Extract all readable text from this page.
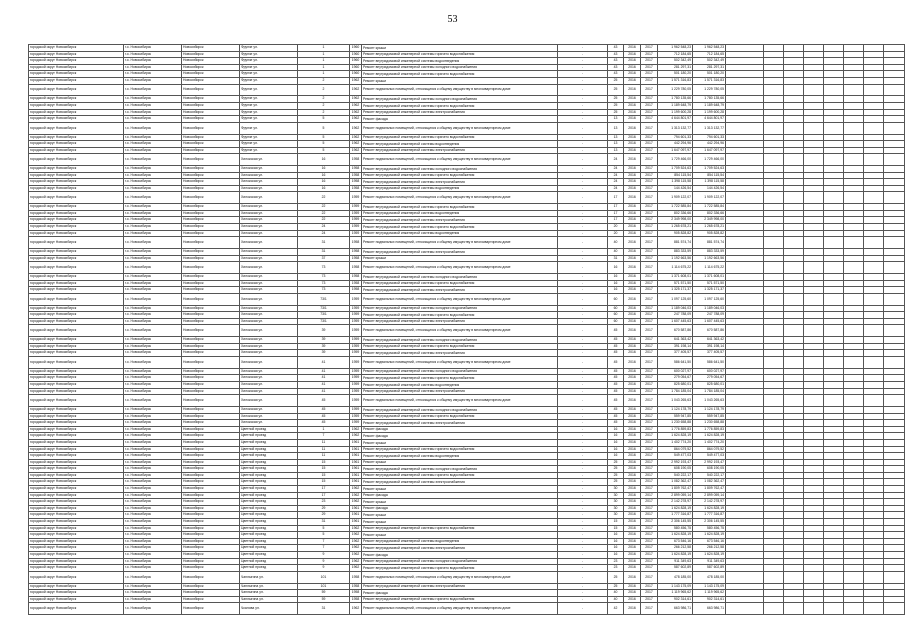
53
городской округ Новосибирск	г.о. Новосибирск	Новосибирск	Фрунзе ул.	1	1960	Ремонт крыши	-	43	2016	2017	1 962 548,23	1 962 548,23									
городской округ Новосибирск	г.о. Новосибирск	Новосибирск	Фрунзе ул.	1	1960	Ремонт внутридомовой инженерной системы горячего водоснабжения	-	43	2016	2017	712 184,65	712 184,65									
городской округ Новосибирск	г.о. Новосибирск	Новосибирск	Фрунзе ул.	1	1960	Ремонт внутридомовой инженерной системы водоотведения	-	43	2016	2017	502 342,49	502 342,49									
городской округ Новосибирск	г.о. Новосибирск	Новосибирск	Фрунзе ул.	1	1960	Ремонт внутридомовой инженерной системы холодного водоснабжения	-	43	2016	2017	281 297,31	281 297,31									
городской округ Новосибирск	г.о. Новосибирск	Новосибирск	Фрунзе ул.	1	1960	Ремонт внутридомовой инженерной системы горячего водоснабжения	-	43	2016	2017	501 180,20	501 180,20									
городской округ Новосибирск	г.о. Новосибирск	Новосибирск	Фрунзе ул.	2	1962	Ремонт крыши	-	25	2016	2017	1 571 316,83	1 571 316,83									
городской округ Новосибирск	г.о. Новосибирск	Новосибирск	Фрунзе ул.	2	1962	Ремонт подвальных помещений, относящихся к общему имуществу в многоквартирном доме	-	25	2016	2017	1 229 780,05	1 229 780,05									
городской округ Новосибирск	г.о. Новосибирск	Новосибирск	Фрунзе ул.	2	1962	Ремонт внутридомовой инженерной системы холодного водоснабжения	-	25	2016	2017	1 780 135,66	1 780 135,66									
городской округ Новосибирск	г.о. Новосибирск	Новосибирск	Фрунзе ул.	2	1962	Ремонт внутридомовой инженерной системы горячего водоснабжения	-	25	2016	2017	1 189 648,79	1 189 648,79									
городской округ Новосибирск	г.о. Новосибирск	Новосибирск	Фрунзе ул.	2	1962	Ремонт внутридомовой инженерной системы электроснабжения	-	25	2016	2017	1 199 600,28	1 199 600,28									
городской округ Новосибирск	г.о. Новосибирск	Новосибирск	Фрунзе ул.	5	1962	Ремонт фасада	-	13	2016	2017	4 644 801,97	4 644 801,97									
городской округ Новосибирск	г.о. Новосибирск	Новосибирск	Фрунзе ул.	5	1962	Ремонт подвальных помещений, относящихся к общему имуществу в многоквартирном доме	-	13	2016	2017	1 313 132,77	1 313 132,77									
городской округ Новосибирск	г.о. Новосибирск	Новосибирск	Фрунзе ул.	5	1962	Ремонт внутридомовой инженерной системы горячего водоснабжения	-	13	2016	2017	794 601,33	794 601,33									
городской округ Новосибирск	г.о. Новосибирск	Новосибирск	Фрунзе ул.	5	1962	Ремонт внутридомовой инженерной системы водоотведения	-	13	2016	2017	442 294,96	442 294,96									
городской округ Новосибирск	г.о. Новосибирск	Новосибирск	Фрунзе ул.	5	1962	Ремонт внутридомовой инженерной системы электроснабжения	-	13	2016	2017	1 647 097,97	1 647 097,97									
городской округ Новосибирск	г.о. Новосибирск	Новосибирск	Хилокская ул.	16	1958	Ремонт подвальных помещений, относящихся к общему имуществу в многоквартирном доме	-	24	2016	2017	1 729 466,00	1 729 466,00									
городской округ Новосибирск	г.о. Новосибирск	Новосибирск	Хилокская ул.	16	1958	Ремонт внутридомовой инженерной системы холодного водоснабжения	-	24	2016	2017	1 709 524,63	1 709 524,63									
городской округ Новосибирск	г.о. Новосибирск	Новосибирск	Хилокская ул.	16	1958	Ремонт внутридомовой инженерной системы горячего водоснабжения	-	24	2016	2017	854 115,54	854 115,54									
городской округ Новосибирск	г.о. Новосибирск	Новосибирск	Хилокская ул.	16	1958	Ремонт внутридомовой инженерной системы электроснабжения	-	24	2016	2017	1 398 115,58	1 398 115,58									
городской округ Новосибирск	г.о. Новосибирск	Новосибирск	Хилокская ул.	16	1958	Ремонт внутридомовой инженерной системы водоотведения	-	24	2016	2017	144 426,54	144 426,54									
городской округ Новосибирск	г.о. Новосибирск	Новосибирск	Хилокская ул.	22	1959	Ремонт подвальных помещений, относящихся к общему имуществу в многоквартирном доме	-	17	2016	2017	1 909 122,07	1 909 122,07									
городской округ Новосибирск	г.о. Новосибирск	Новосибирск	Хилокская ул.	22	1959	Ремонт внутридомовой инженерной системы горячего водоснабжения	-	17	2016	2017	1 722 585,84	1 722 585,84									
городской округ Новосибирск	г.о. Новосибирск	Новосибирск	Хилокская ул.	22	1959	Ремонт внутридомовой инженерной системы водоотведения	-	17	2016	2017	802 336,66	802 336,66									
городской округ Новосибирск	г.о. Новосибирск	Новосибирск	Хилокская ул.	22	1959	Ремонт внутридомовой инженерной системы электроснабжения	-	17	2016	2017	2 349 998,00	2 349 998,00									
городской округ Новосибирск	г.о. Новосибирск	Новосибирск	Хилокская ул.	24	1959	Ремонт внутридомовой инженерной системы горячего водоснабжения	-	20	2016	2017	1 265 678,21	1 265 678,21									
городской округ Новосибирск	г.о. Новосибирск	Новосибирск	Хилокская ул.	24	1959	Ремонт внутридомовой инженерной системы водоотведения	-	20	2016	2017	905 828,82	905 828,82									
городской округ Новосибирск	г.о. Новосибирск	Новосибирск	Хилокская ул.	31	1958	Ремонт подвальных помещений, относящихся к общему имуществу в многоквартирном доме	-	40	2016	2017	881 574,74	881 574,74									
городской округ Новосибирск	г.о. Новосибирск	Новосибирск	Хилокская ул.	31	1958	Ремонт внутридомовой инженерной системы электроснабжения	-	40	2016	2017	883 333,59	883 333,59									
городской округ Новосибирск	г.о. Новосибирск	Новосибирск	Хилокская ул.	37	1958	Ремонт крыши	-	31	2016	2017	1 192 663,56	1 192 663,56									
городской округ Новосибирск	г.о. Новосибирск	Новосибирск	Хилокская ул.	73	1958	Ремонт подвальных помещений, относящихся к общему имуществу в многоквартирном доме	-	16	2016	2017	1 114 675,22	1 114 675,22									
городской округ Новосибирск	г.о. Новосибирск	Новосибирск	Хилокская ул.	73	1958	Ремонт внутридомовой инженерной системы холодного водоснабжения	-	16	2016	2017	1 371 608,01	1 371 608,01									
городской округ Новосибирск	г.о. Новосибирск	Новосибирск	Хилокская ул.	73	1958	Ремонт внутридомовой инженерной системы горячего водоснабжения	-	16	2016	2017	571 571,50	571 571,50									
городской округ Новосибирск	г.о. Новосибирск	Новосибирск	Хилокская ул.	73	1958	Ремонт внутридомовой инженерной системы электроснабжения	-	16	2016	2017	1 325 171,37	1 325 171,37									
городской округ Новосибирск	г.о. Новосибирск	Новосибирск	Хилокская ул.	73/1	1959	Ремонт подвальных помещений, относящихся к общему имуществу в многоквартирном доме	-	60	2016	2017	1 097 125,60	1 097 125,60									
городской округ Новосибирск	г.о. Новосибирск	Новосибирск	Хилокская ул.	73/1	1959	Ремонт внутридомовой инженерной системы холодного водоснабжения	-	60	2016	2017	1 189 046,03	1 189 046,03									
городской округ Новосибирск	г.о. Новосибирск	Новосибирск	Хилокская ул.	73/1	1959	Ремонт внутридомовой инженерной системы горячего водоснабжения	-	60	2016	2017	247 788,09	247 788,09									
городской округ Новосибирск	г.о. Новосибирск	Новосибирск	Хилокская ул.	73/1	1959	Ремонт внутридомовой инженерной системы электроснабжения	-	60	2016	2017	1 607 445,63	1 607 445,63									
городской округ Новосибирск	г.о. Новосибирск	Новосибирск	Хилокская ул.	39	1959	Ремонт подвальных помещений, относящихся к общему имуществу в многоквартирном доме	-	45	2016	2017	670 587,86	670 587,86									
городской округ Новосибирск	г.о. Новосибирск	Новосибирск	Хилокская ул.	39	1959	Ремонт внутридомовой инженерной системы холодного водоснабжения	-	45	2016	2017	641 363,42	641 363,42									
городской округ Новосибирск	г.о. Новосибирск	Новосибирск	Хилокская ул.	39	1959	Ремонт внутридомовой инженерной системы горячего водоснабжения	-	45	2016	2017	391 198,14	391 198,14									
городской округ Новосибирск	г.о. Новосибирск	Новосибирск	Хилокская ул.	39	1959	Ремонт внутридомовой инженерной системы электроснабжения	-	45	2016	2017	377 405,57	377 405,57									
городской округ Новосибирск	г.о. Новосибирск	Новосибирск	Хилокская ул.	41	1959	Ремонт подвальных помещений, относящихся к общему имуществу в многоквартирном доме	-	45	2016	2017	586 641,50	586 641,50									
городской округ Новосибирск	г.о. Новосибирск	Новосибирск	Хилокская ул.	41	1959	Ремонт внутридомовой инженерной системы холодного водоснабжения	-	45	2016	2017	600 027,97	600 027,97									
городской округ Новосибирск	г.о. Новосибирск	Новосибирск	Хилокская ул.	41	1959	Ремонт внутридомовой инженерной системы горячего водоснабжения	-	45	2016	2017	279 054,67	279 054,67									
городской округ Новосибирск	г.о. Новосибирск	Новосибирск	Хилокская ул.	41	1959	Ремонт внутридомовой инженерной системы водоотведения	-	45	2016	2017	825 680,01	825 680,01									
городской округ Новосибирск	г.о. Новосибирск	Новосибирск	Хилокская ул.	41	1959	Ремонт внутридомовой инженерной системы электроснабжения	-	45	2016	2017	1 784 185,04	1 784 185,04									
городской округ Новосибирск	г.о. Новосибирск	Новосибирск	Хилокская ул.	45	1959	Ремонт подвальных помещений, относящихся к общему имуществу в многоквартирном доме	-	45	2016	2017	1 043 265,63	1 043 265,63									
городской округ Новосибирск	г.о. Новосибирск	Новосибирск	Хилокская ул.	45	1959	Ремонт внутридомовой инженерной системы холодного водоснабжения	-	45	2016	2017	1 124 178,79	1 124 178,79									
городской округ Новосибирск	г.о. Новосибирск	Новосибирск	Хилокская ул.	45	1959	Ремонт внутридомовой инженерной системы горячего водоснабжения	-	45	2016	2017	559 947,85	559 947,85									
городской округ Новосибирск	г.о. Новосибирск	Новосибирск	Хилокская ул.	45	1959	Ремонт внутридомовой инженерной системы электроснабжения	-	45	2016	2017	1 230 658,88	1 230 658,88									
городской округ Новосибирск	г.о. Новосибирск	Новосибирск	Цветной проезд	1	1962	Ремонт фасада	-	16	2016	2017	1 776 859,83	1 776 859,83									
городской округ Новосибирск	г.о. Новосибирск	Новосибирск	Цветной проезд	7	1962	Ремонт фасада	-	16	2016	2017	1 624 828,19	1 624 828,19									
городской округ Новосибирск	г.о. Новосибирск	Новосибирск	Цветной проезд	11	1961	Ремонт крыши	-	16	2016	2017	1 402 774,20	1 402 774,20									
городской округ Новосибирск	г.о. Новосибирск	Новосибирск	Цветной проезд	11	1961	Ремонт внутридомовой инженерной системы горячего водоснабжения	-	16	2016	2017	864 079,52	864 079,52									
городской округ Новосибирск	г.о. Новосибирск	Новосибирск	Цветной проезд	11	1961	Ремонт внутридомовой инженерной системы водоотведения	-	16	2016	2017	549 477,03	549 477,03									
городской округ Новосибирск	г.о. Новосибирск	Новосибирск	Цветной проезд	15	1961	Ремонт крыши	-	25	2016	2017	2 992 193,47	2 992 193,47									
городской округ Новосибирск	г.о. Новосибирск	Новосибирск	Цветной проезд	15	1961	Ремонт внутридомовой инженерной системы холодного водоснабжения	-	25	2016	2017	608 190,05	608 190,05									
городской округ Новосибирск	г.о. Новосибирск	Новосибирск	Цветной проезд	15	1961	Ремонт внутридомовой инженерной системы горячего водоснабжения	-	25	2016	2017	540 222,17	540 222,17									
городской округ Новосибирск	г.о. Новосибирск	Новосибирск	Цветной проезд	15	1961	Ремонт внутридомовой инженерной системы электроснабжения	-	25	2016	2017	1 082 362,47	1 082 362,47									
городской округ Новосибирск	г.о. Новосибирск	Новосибирск	Цветной проезд	17	1962	Ремонт крыши	-	30	2016	2017	1 809 762,47	1 809 762,47									
городской округ Новосибирск	г.о. Новосибирск	Новосибирск	Цветной проезд	17	1962	Ремонт фасада	-	30	2016	2017	2 899 059,14	2 899 059,14									
городской округ Новосибирск	г.о. Новосибирск	Новосибирск	Цветной проезд	23	1962	Ремонт крыши	-	30	2016	2017	2 142 278,97	2 142 278,97									
городской округ Новосибирск	г.о. Новосибирск	Новосибирск	Цветной проезд	29	1961	Ремонт фасада	-	30	2016	2017	1 624 828,19	1 624 828,19									
городской округ Новосибирск	г.о. Новосибирск	Новосибирск	Цветной проезд	29	1961	Ремонт крыши	-	30	2016	2017	1 777 316,87	1 777 316,87									
городской округ Новосибирск	г.о. Новосибирск	Новосибирск	Цветной проезд	31	1961	Ремонт крыши	-	15	2016	2017	2 306 145,55	2 306 145,55									
городской округ Новосибирск	г.о. Новосибирск	Новосибирск	Цветной проезд	5	1962	Ремонт внутридомовой инженерной системы горячего водоснабжения	-	15	2016	2017	580 456,75	580 456,75									
городской округ Новосибирск	г.о. Новосибирск	Новосибирск	Цветной проезд	5	1962	Ремонт крыши	-	16	2016	2017	1 624 828,19	1 624 828,19									
городской округ Новосибирск	г.о. Новосибирск	Новосибирск	Цветной проезд	7	1962	Ремонт внутридомовой инженерной системы водоотведения	-	16	2016	2017	673 546,16	673 546,16									
городской округ Новосибирск	г.о. Новосибирск	Новосибирск	Цветной проезд	7	1962	Ремонт внутридомовой инженерной системы электроснабжения	-	16	2016	2017	266 212,58	266 212,58									
городской округ Новосибирск	г.о. Новосибирск	Новосибирск	Цветной проезд	9	1962	Ремонт фасада	-	16	2016	2017	1 624 828,19	1 624 828,19									
городской округ Новосибирск	г.о. Новосибирск	Новосибирск	Цветной проезд	9	1962	Ремонт внутридомовой инженерной системы холодного водоснабжения	-	23	2016	2017	911 349,63	911 349,63									
городской округ Новосибирск	г.о. Новосибирск	Новосибирск	Цветной проезд	9	1962	Ремонт внутридомовой инженерной системы горячего водоснабжения	-	23	2016	2017	587 602,89	587 602,89									
городской округ Новосибирск	г.о. Новосибирск	Новосибирск	Чаплыгина ул.	101	1958	Ремонт подвальных помещений, относящихся к общему имуществу в многоквартирном доме	-	25	2016	2017	478 185,00	478 185,00									
городской округ Новосибирск	г.о. Новосибирск	Новосибирск	Чаплыгина ул.	101	1958	Ремонт внутридомовой инженерной системы электроснабжения	-	25	2016	2017	1 143 175,09	1 143 175,09									
городской округ Новосибирск	г.о. Новосибирск	Новосибирск	Чаплыгина ул.	59	1958	Ремонт фасада	-	40	2016	2017	1 119 965,62	1 119 965,62									
городской округ Новосибирск	г.о. Новосибирск	Новосибирск	Чаплыгина ул.	59	1958	Ремонт внутридомовой инженерной системы горячего водоснабжения	-	40	2016	2017	902 314,61	902 314,61									
городской округ Новосибирск	г.о. Новосибирск	Новосибирск	Чкалова ул.	31	1962	Ремонт подвальных помещений, относящихся к общему имуществу в многоквартирном доме	-	42	2016	2017	663 986,71	663 986,71									
